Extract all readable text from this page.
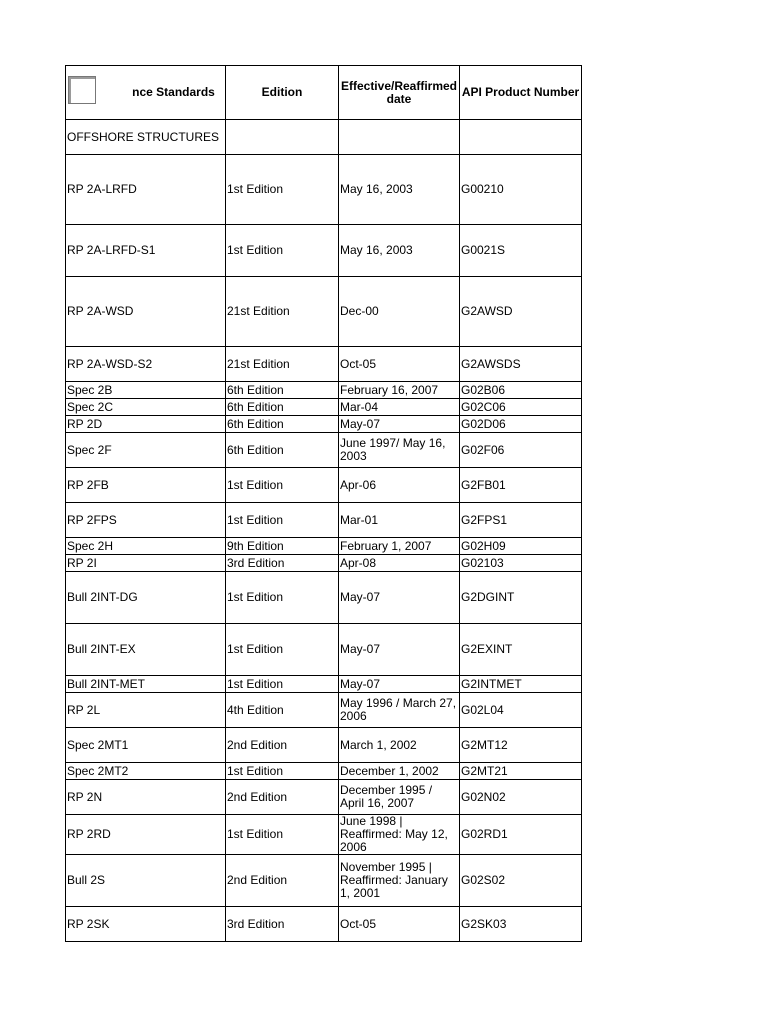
nce Standards	Edition	Effective/Reaffirmed date	API Product Number
OFFSHORE STRUCTURES			
RP 2A-LRFD	1st Edition	May 16, 2003	G00210
RP 2A-LRFD-S1	1st Edition	May 16, 2003	G0021S
RP 2A-WSD	21st Edition	Dec-00	G2AWSD
RP 2A-WSD-S2	21st Edition	Oct-05	G2AWSDS
Spec 2B	6th Edition	February 16, 2007	G02B06
Spec 2C	6th Edition	Mar-04	G02C06
RP 2D	6th Edition	May-07	G02D06
Spec 2F	6th Edition	June 1997/ May 16, 2003	G02F06
RP 2FB	1st Edition	Apr-06	G2FB01
RP 2FPS	1st Edition	Mar-01	G2FPS1
Spec 2H	9th Edition	February 1, 2007	G02H09
RP 2I	3rd Edition	Apr-08	G02103
Bull 2INT-DG	1st Edition	May-07	G2DGINT
Bull 2INT-EX	1st Edition	May-07	G2EXINT
Bull 2INT-MET	1st Edition	May-07	G2INTMET
RP 2L	4th Edition	May 1996 / March 27, 2006	G02L04
Spec 2MT1	2nd Edition	March 1, 2002	G2MT12
Spec 2MT2	1st Edition	December 1, 2002	G2MT21
RP 2N	2nd Edition	December 1995 / April 16, 2007	G02N02
RP 2RD	1st Edition	June 1998 | Reaffirmed: May 12, 2006	G02RD1
Bull 2S	2nd Edition	November 1995 | Reaffirmed: January 1, 2001	G02S02
RP 2SK	3rd Edition	Oct-05	G2SK03
